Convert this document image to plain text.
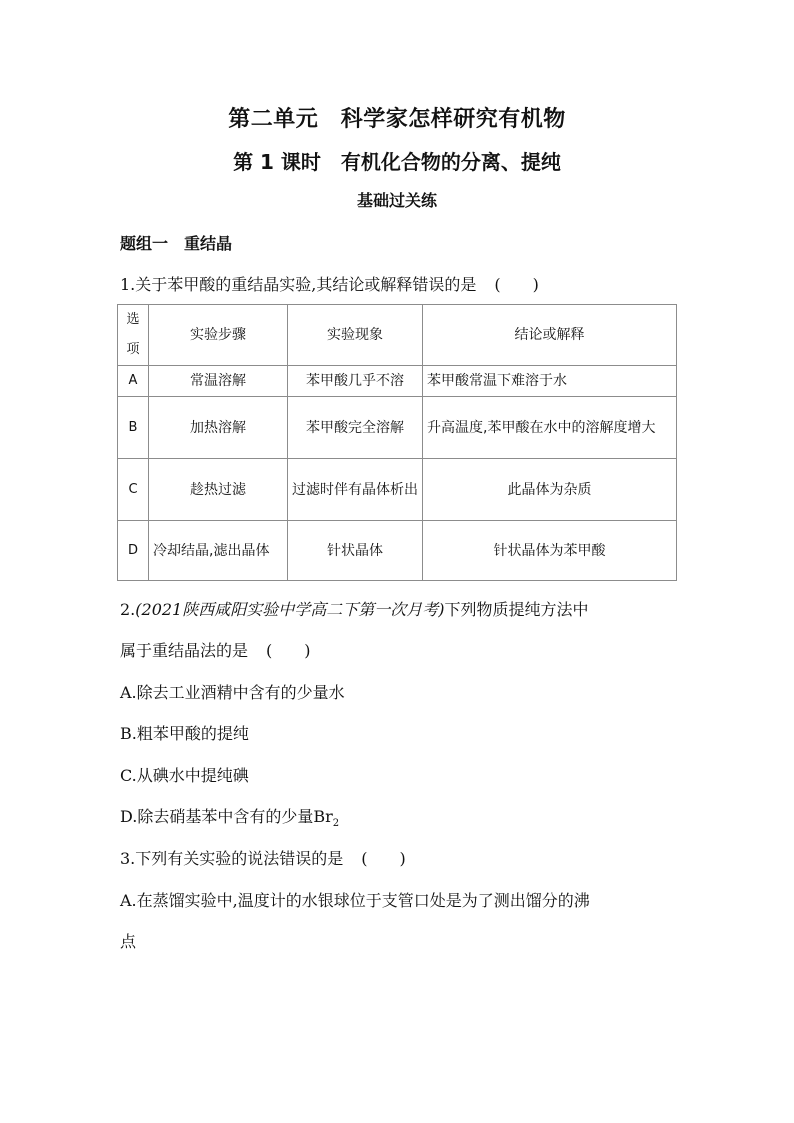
第二单元　科学家怎样研究有机物
第 1 课时　有机化合物的分离、提纯
基础过关练
题组一　重结晶
1.关于苯甲酸的重结晶实验,其结论或解释错误的是 (　　)
选
项	实验步骤	实验现象	结论或解释
A	常温溶解	苯甲酸几乎不溶	苯甲酸常温下难溶于水
B	加热溶解	苯甲酸完全溶解	升高温度,苯甲酸在水中的溶解度增大
C	趁热过滤	过滤时伴有晶体析出	此晶体为杂质
D	冷却结晶,滤出晶体	针状晶体	针状晶体为苯甲酸
2.(2021陕西咸阳实验中学高二下第一次月考)下列物质提纯方法中
属于重结晶法的是 (　　)
A.除去工业酒精中含有的少量水
B.粗苯甲酸的提纯
C.从碘水中提纯碘
D.除去硝基苯中含有的少量$Br_2$
3.下列有关实验的说法错误的是 (　　)
A.在蒸馏实验中,温度计的水银球位于支管口处是为了测出馏分的沸
点
